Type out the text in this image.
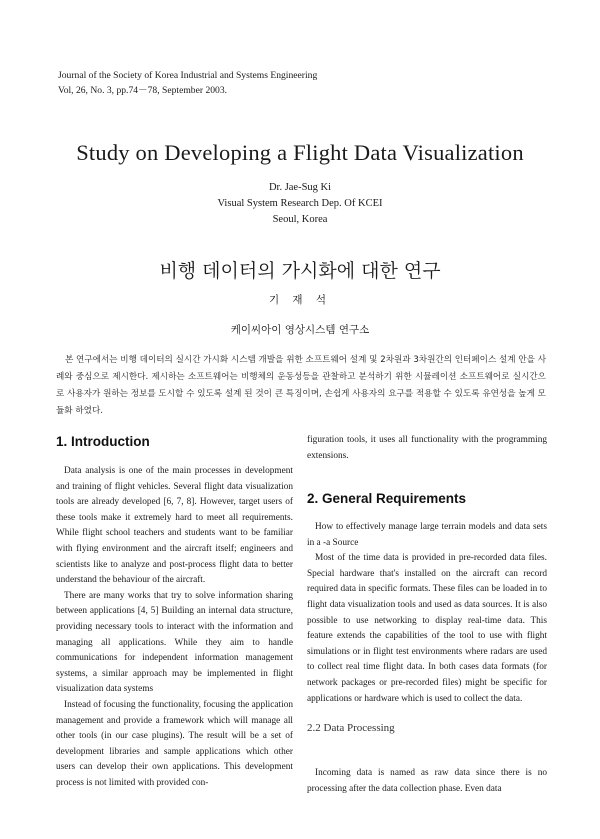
Journal of the Society of Korea Industrial and Systems Engineering
Vol, 26, No. 3, pp.74－78, September 2003.
Study on Developing a Flight Data Visualization
Dr. Jae-Sug Ki
Visual System Research Dep. Of KCEI
Seoul, Korea
비행 데이터의 가시화에 대한 연구
기 재 석
케이씨아이 영상시스템 연구소

본 연구에서는 비행 데이터의 실시간 가시화 시스템 개발을 위한 소프트웨어 설계 및 2차원과 3차원간의 인터페이스 설계 안을 사례와 중심으로 제시한다. 제시하는 소프트웨어는 비행체의 운동성등을 관찰하고 분석하기 위한 시뮬레이션 소프트웨어로 실시간으로 사용자가 원하는 정보를 도시할 수 있도록 설계 된 것이 큰 특징이며, 손쉽게 사용자의 요구를 적용할 수 있도록 유연성을 높게 모듈화 하였다.

1. Introduction

Data analysis is one of the main processes in development and training of flight vehicles. Several flight data visualization tools are already developed [6, 7, 8]. However, target users of these tools make it extremely hard to meet all requirements. While flight school teachers and students want to be familiar with flying environment and the aircraft itself; engineers and scientists like to analyze and post-process flight data to better understand the behaviour of the aircraft.

There are many works that try to solve information sharing between applications [4, 5] Building an internal data structure, providing necessary tools to interact with the information and managing all applications. While they aim to handle communications for independent information management systems, a similar approach may be implemented in flight visualization data systems

Instead of focusing the functionality, focusing the application management and provide a framework which will manage all other tools (in our case plugins). The result will be a set of development libraries and sample applications which other users can develop their own applications. This development process is not limited with provided con-

figuration tools, it uses all functionality with the programming extensions.

2. General Requirements

How to effectively manage large terrain models and data sets in a -a Source

Most of the time data is provided in pre-recorded data files. Special hardware that's installed on the aircraft can record required data in specific formats. These files can be loaded in to flight data visualization tools and used as data sources. It is also possible to use networking to display real-time data. This feature extends the capabilities of the tool to use with flight simulations or in flight test environments where radars are used to collect real time flight data. In both cases data formats (for network packages or pre-recorded files) might be specific for applications or hardware which is used to collect the data.

2.2 Data Processing

Incoming data is named as raw data since there is no processing after the data collection phase. Even data
